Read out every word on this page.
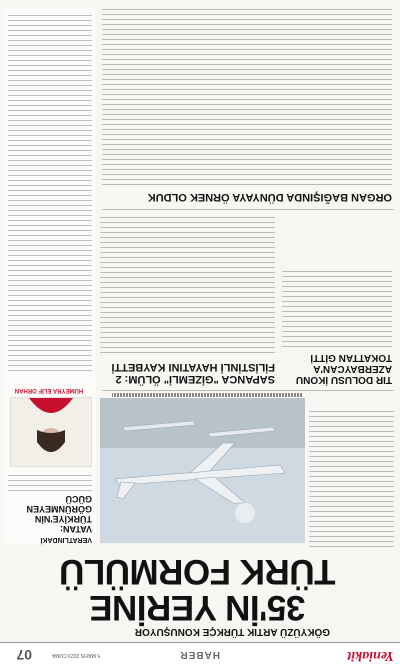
Yeniakit
HABER
5 MAYIS 2023 CUMA
07
GÖKYÜZÜ ARTIK TÜRKÇE KONUŞUYOR
35'İN YERİNE
TÜRK FORMÜLÜ
TIR DOLUSU İKONU AZERBAYCAN'A TOKATTAN GİTTİ
SAPANCA "GİZEMLİ" ÖLÜM: 2 FİLİSTİNLİ HAYATINI KAYBETTİ
ORGAN BAĞIŞINDA DÜNYAYA ÖRNEK OLDUK
VERATLINDAKİ
VATAN: TÜRKİYE'NİN GÖRÜNMEYEN GÜCÜ
HÜMEYRA ELİF ORHAN
